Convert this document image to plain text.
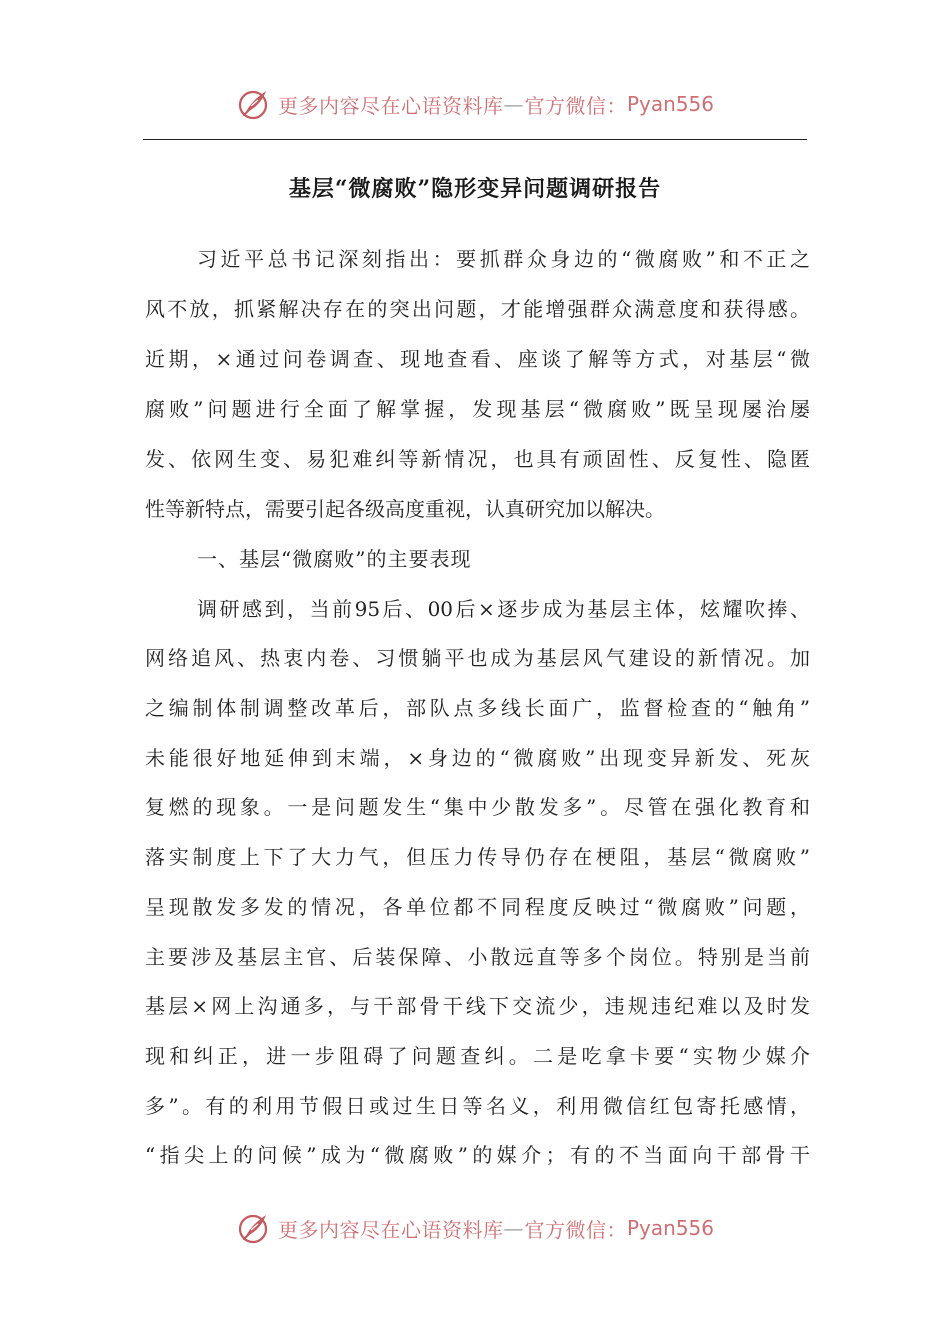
更多内容尽在心语资料库 — 官方微信： Pyan556
基层“微腐败”隐形变异问题调研报告
习近平总书记深刻指出：要抓群众身边的“微腐败”和不正之
风不放，抓紧解决存在的突出问题，才能增强群众满意度和获得感。
近期，×通过问卷调查、现地查看、座谈了解等方式，对基层“微
腐败”问题进行全面了解掌握，发现基层“微腐败”既呈现屡治屡
发、依网生变、易犯难纠等新情况，也具有顽固性、反复性、隐匿
性等新特点，需要引起各级高度重视，认真研究加以解决。
一、基层“微腐败”的主要表现
调研感到，当前95后、00后×逐步成为基层主体，炫耀吹捧、
网络追风、热衷内卷、习惯躺平也成为基层风气建设的新情况。加
之编制体制调整改革后，部队点多线长面广，监督检查的“触角”
未能很好地延伸到末端，×身边的“微腐败”出现变异新发、死灰
复燃的现象。一是问题发生“集中少散发多”。尽管在强化教育和
落实制度上下了大力气，但压力传导仍存在梗阻，基层“微腐败”
呈现散发多发的情况，各单位都不同程度反映过“微腐败”问题，
主要涉及基层主官、后装保障、小散远直等多个岗位。特别是当前
基层×网上沟通多，与干部骨干线下交流少，违规违纪难以及时发
现和纠正，进一步阻碍了问题查纠。二是吃拿卡要“实物少媒介
多”。有的利用节假日或过生日等名义，利用微信红包寄托感情，
“指尖上的问候”成为“微腐败”的媒介；有的不当面向干部骨干
更多内容尽在心语资料库 — 官方微信： Pyan556
